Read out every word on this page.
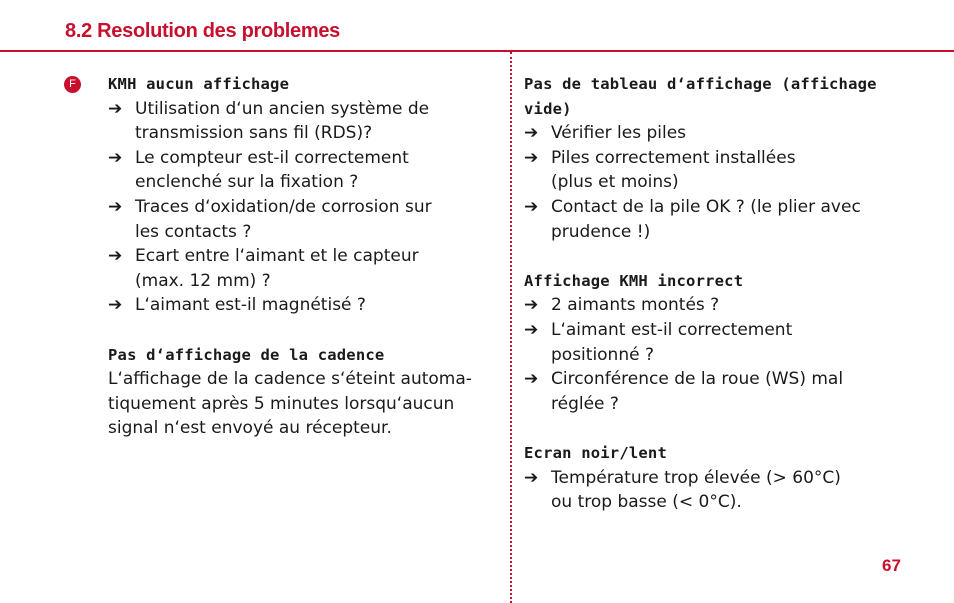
8.2 Resolution des problemes
F	KMH aucun affichage
➔ Utilisation d‘un ancien système de
transmission sans fil (RDS)?
➔ Le compteur est-il correctement
enclenché sur la fixation ?
➔ Traces d‘oxidation/de corrosion sur
les contacts ?
➔ Ecart entre l‘aimant et le capteur
(max. 12 mm) ?
➔ L‘aimant est-il magnétisé ?
Pas d‘affichage de la cadence
L‘affichage de la cadence s‘éteint automa-
tiquement après 5 minutes lorsqu‘aucun
signal n‘est envoyé au récepteur.
Pas de tableau d‘affichage (affichage vide)
➔ Vérifier les piles
➔ Piles correctement installées
(plus et moins)
➔ Contact de la pile OK ? (le plier avec
prudence !)
Affichage KMH incorrect
➔ 2 aimants montés ?
➔ L‘aimant est-il correctement
positionné ?
➔ Circonférence de la roue (WS) mal
réglée ?
Ecran noir/lent
➔ Température trop élevée (> 60°C)
ou trop basse (< 0°C).
67
